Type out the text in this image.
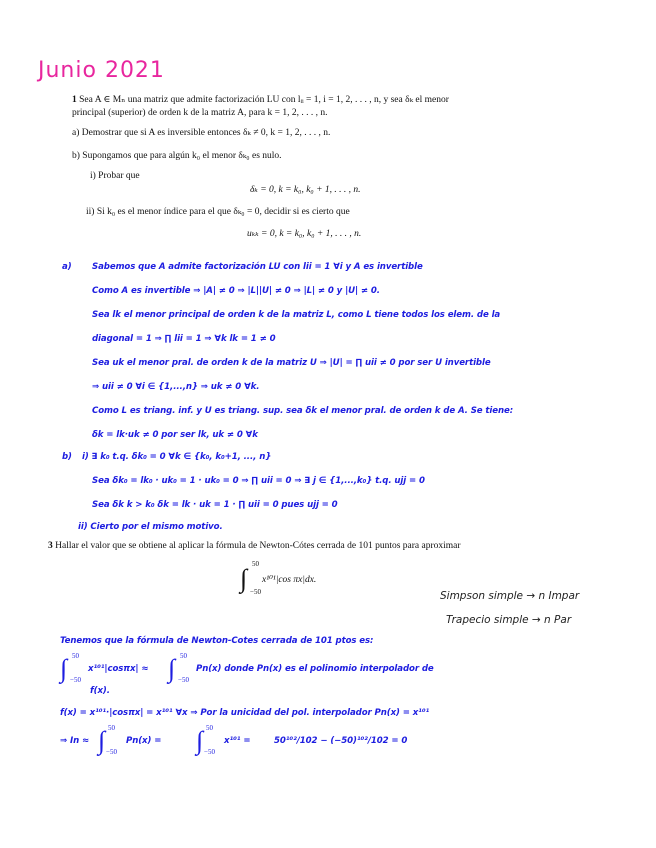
Junio 2021
1 Sea A ∈ Mₙ una matriz que admite factorización LU con lᵢᵢ = 1, i = 1, 2, . . . , n, y sea δₖ el menor
principal (superior) de orden k de la matriz A, para k = 1, 2, . . . , n.
a) Demostrar que si A es inversible entonces δₖ ≠ 0, k = 1, 2, . . . , n.
b) Supongamos que para algún k₀ el menor δₖ₀ es nulo.
i) Probar que
δₖ = 0, k = k₀, k₀ + 1, . . . , n.
ii) Si k₀ es el menor índice para el que δₖ₀ = 0, decidir si es cierto que
uₖₖ = 0, k = k₀, k₀ + 1, . . . , n.
a) Sabemos que A admite factorización LU con lii = 1 ∀i y A es invertible
Como A es invertible ⇒ |A| ≠ 0 ⇒ |L||U| ≠ 0 ⇒ |L| ≠ 0 y |U| ≠ 0.
Sea lk el menor principal de orden k de la matriz L, como L tiene todos los elem. de la
diagonal = 1 ⇒ ∏ lii = 1 ⇒ ∀k lk = 1 ≠ 0
Sea uk el menor pral. de orden k de la matriz U ⇒ |U| = ∏ uii ≠ 0 por ser U invertible
⇒ uii ≠ 0 ∀i ∈ {1,...,n} ⇒ uk ≠ 0 ∀k.
Como L es triang. inf. y U es triang. sup. sea δk el menor pral. de orden k de A. Se tiene:
δk = lk·uk ≠ 0 por ser lk, uk ≠ 0 ∀k
b) i) ∃ k₀ t.q. δk₀ = 0 ∀k ∈ {k₀, k₀+1, ..., n}
Sea δk₀ = lk₀ · uk₀ = 1 · uk₀ = 0 ⇒ ∏ uii = 0 ⇒ ∃ j ∈ {1,...,k₀} t.q. ujj = 0
Sea δk k > k₀ δk = lk · uk = 1 · ∏ uii = 0 pues ujj = 0
ii) Cierto por el mismo motivo.
3 Hallar el valor que se obtiene al aplicar la fórmula de Newton-Cótes cerrada de 101 puntos para aproximar
50
∫ −50
x¹⁰¹|cos πx|dx.
Simpson simple → n Impar
Trapecio simple → n Par
Tenemos que la fórmula de Newton-Cotes cerrada de 101 ptos es:
50
∫ −50
x¹⁰¹|cosπx| ≈
50
∫ −50
Pn(x) donde Pn(x) es el polinomio interpolador de
f(x).
f(x) = x¹⁰¹·|cosπx| = x¹⁰¹ ∀x ⇒ Por la unicidad del pol. interpolador Pn(x) = x¹⁰¹
⇒ In ≈
50
∫ −50
Pn(x) =
50
∫ −50
x¹⁰¹ =	50¹⁰²/102 − (−50)¹⁰²/102 = 0
